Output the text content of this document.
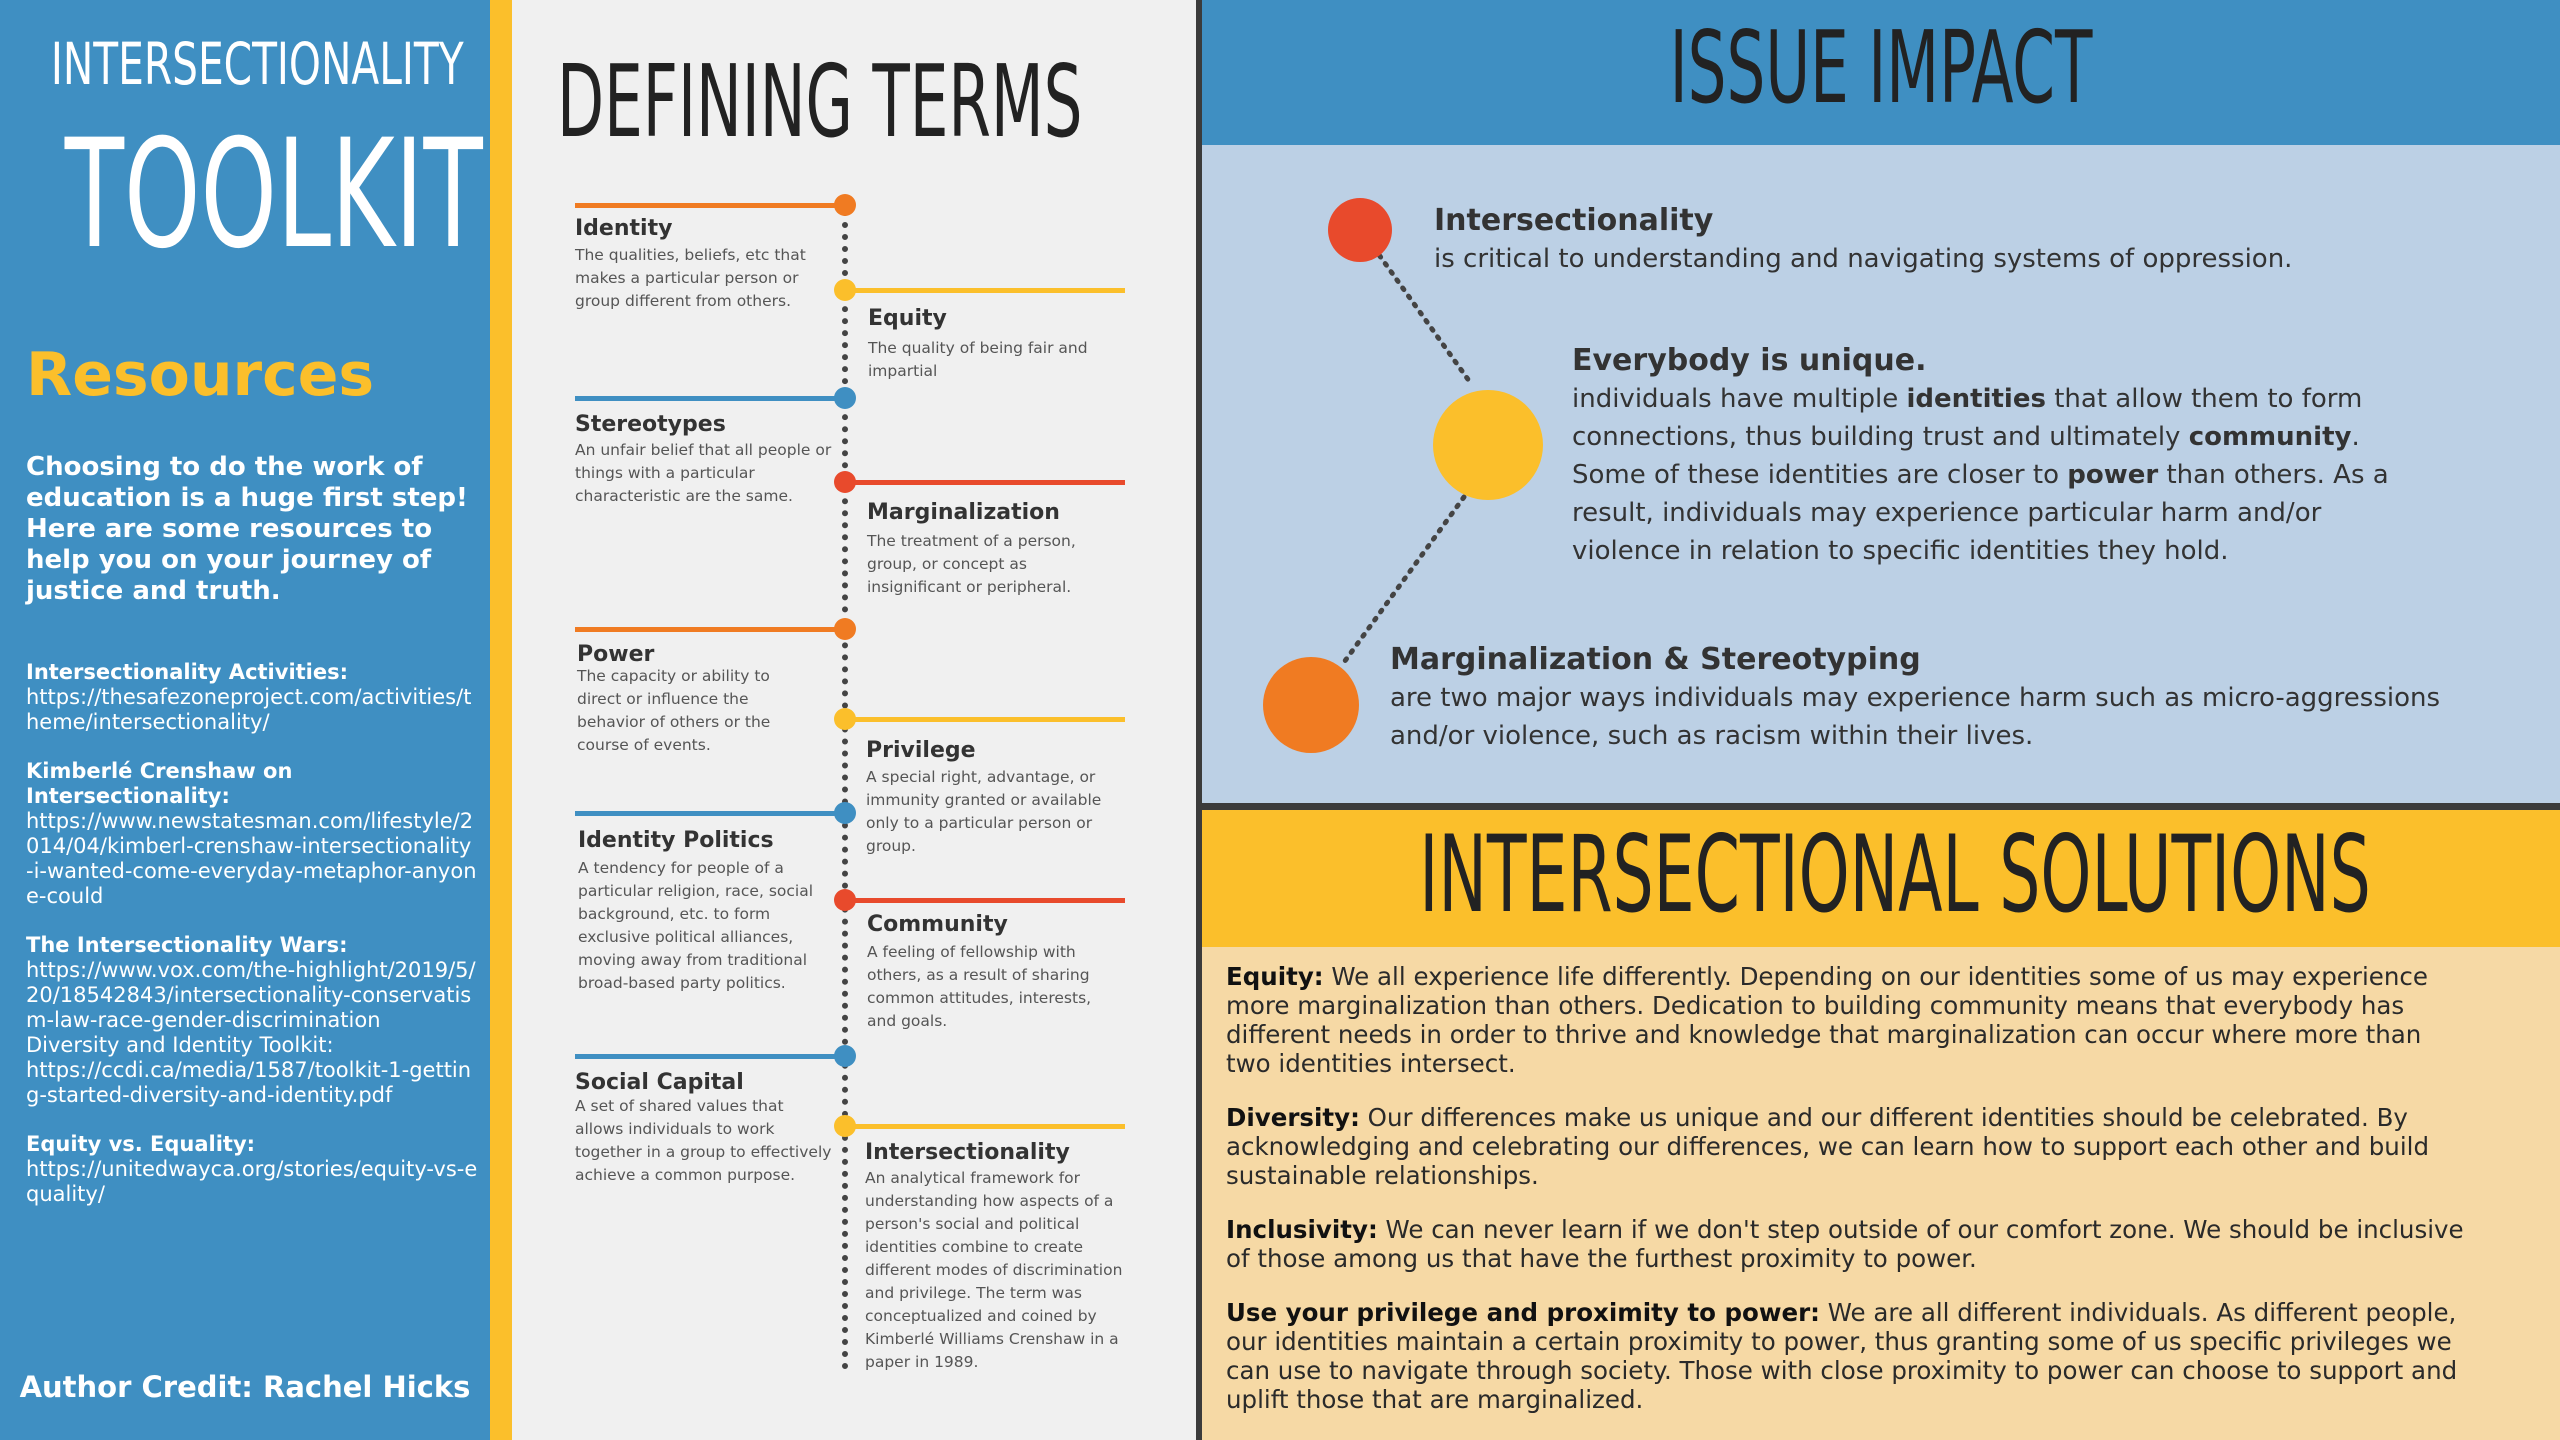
INTERSECTIONALITY
TOOLKIT
Resources
Choosing to do the work of education is a huge first step! Here are some resources to help you on your journey of justice and truth.
Intersectionality Activities:
https://thesafezoneproject.com/activities/theme/intersectionality/
Kimberlé Crenshaw on Intersectionality:
https://www.newstatesman.com/lifestyle/2014/04/kimberl-crenshaw-intersectionality-i-wanted-come-everyday-metaphor-anyone-could
The Intersectionality Wars:
https://www.vox.com/the-highlight/2019/5/20/18542843/intersectionality-conservatism-law-race-gender-discrimination
Diversity and Identity Toolkit:
https://ccdi.ca/media/1587/toolkit-1-getting-started-diversity-and-identity.pdf
Equity vs. Equality:
https://unitedwayca.org/stories/equity-vs-equality/
Author Credit: Rachel Hicks
DEFINING TERMS
Identity
The qualities, beliefs, etc that makes a particular person or group different from others.
Equity
The quality of being fair and impartial
Stereotypes
An unfair belief that all people or things with a particular characteristic are the same.
Marginalization
The treatment of a person, group, or concept as insignificant or peripheral.
Power
The capacity or ability to direct or influence the behavior of others or the course of events.	Privilege
A special right, advantage, or immunity granted or available only to a particular person or group.
Identity Politics
A tendency for people of a particular religion, race, social background, etc. to form exclusive political alliances, moving away from traditional broad-based party politics.
Community
A feeling of fellowship with others, as a result of sharing common attitudes, interests, and goals.
Social Capital
A set of shared values that allows individuals to work together in a group to effectively achieve a common purpose.
Intersectionality
An analytical framework for understanding how aspects of a person's social and political identities combine to create different modes of discrimination and privilege. The term was conceptualized and coined by Kimberlé Williams Crenshaw in a paper in 1989.
ISSUE IMPACT
Intersectionality
is critical to understanding and navigating systems of oppression.
Everybody is unique.
individuals have multiple identities that allow them to form connections, thus building trust and ultimately community. Some of these identities are closer to power than others. As a result, individuals may experience particular harm and/or violence in relation to specific identities they hold.
Marginalization & Stereotyping
are two major ways individuals may experience harm such as micro-aggressions and/or violence, such as racism within their lives.
INTERSECTIONAL SOLUTIONS
Equity: We all experience life differently. Depending on our identities some of us may experience more marginalization than others. Dedication to building community means that everybody has different needs in order to thrive and knowledge that marginalization can occur where more than two identities intersect.
Diversity: Our differences make us unique and our different identities should be celebrated. By acknowledging and celebrating our differences, we can learn how to support each other and build sustainable relationships.
Inclusivity: We can never learn if we don't step outside of our comfort zone. We should be inclusive of those among us that have the furthest proximity to power.
Use your privilege and proximity to power: We are all different individuals. As different people, our identities maintain a certain proximity to power, thus granting some of us specific privileges we can use to navigate through society. Those with close proximity to power can choose to support and uplift those that are marginalized.
